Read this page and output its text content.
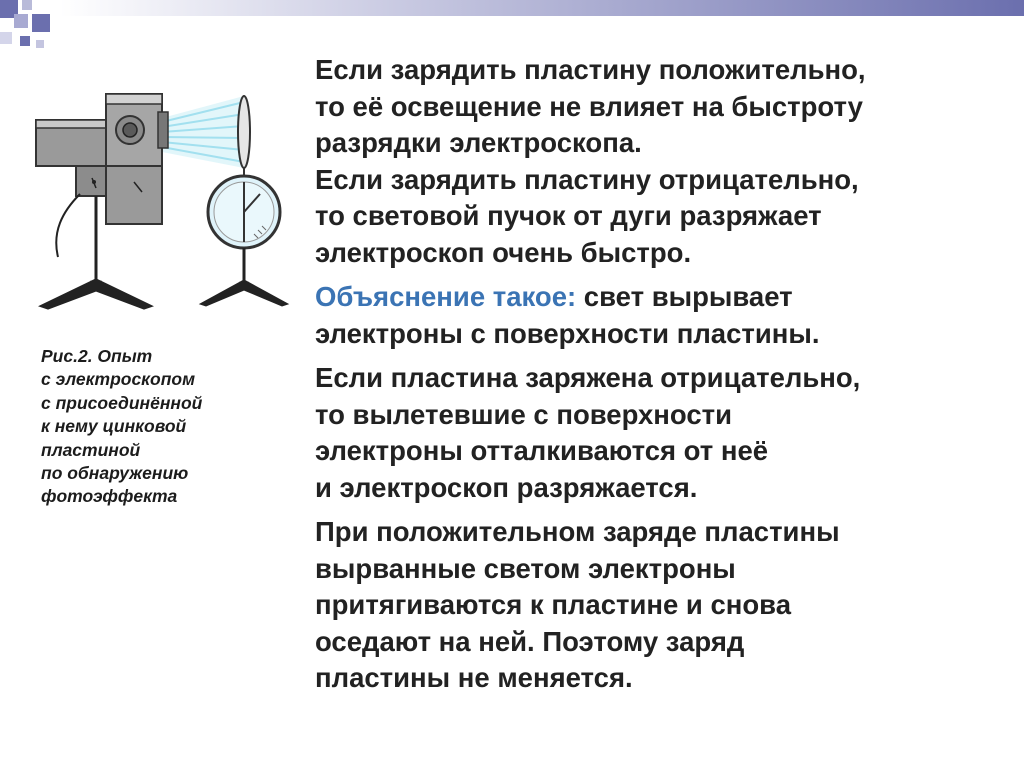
Рис.2. Опыт
с электроскопом
с присоединённой
к нему цинковой
пластиной
по обнаружению
фотоэффекта
Если зарядить пластину положительно,
то её освещение не влияет на быстроту
разрядки электроскопа.
Если зарядить пластину отрицательно,
то световой пучок от дуги разряжает
электроскоп очень быстро.
Объяснение такое: свет вырывает
электроны с поверхности пластины.
Если пластина заряжена отрицательно,
то вылетевшие с поверхности
электроны отталкиваются от неё
и электроскоп разряжается.
При положительном заряде пластины
вырванные светом электроны
притягиваются к пластине и снова
оседают на ней. Поэтому заряд
пластины не меняется.
